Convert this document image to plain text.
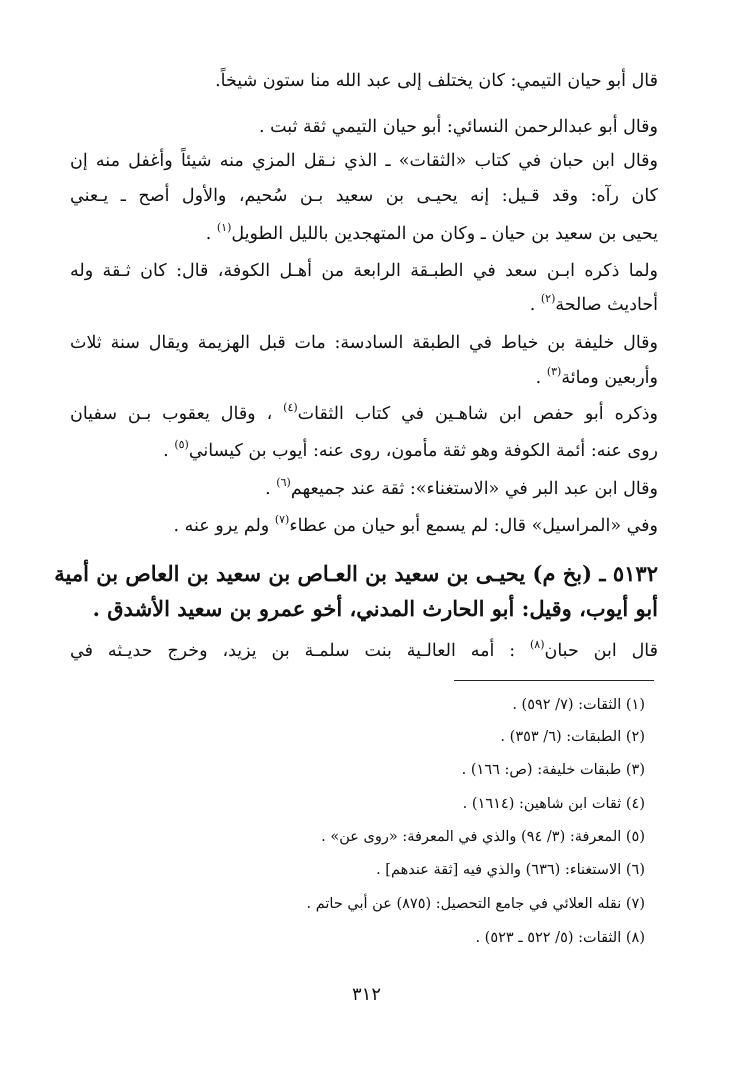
قال أبو حيان التيمي: كان يختلف إلى عبد الله منا ستون شيخاً.
وقال أبو عبدالرحمن النسائي: أبو حيان التيمي ثقة ثبت .
وقال ابن حبان في كتاب «الثقات» ـ الذي نـقل المزي منه شيئاً وأغفل منه إن
كان رآه: وقد قـيل: إنه يحيـى بن سعيد بـن سُحيم، والأول أصح ـ يـعني
يحيى بن سعيد بن حيان ـ وكان من المتهجدين بالليل الطويل$^{(١)}$ .
ولما ذكره ابـن سعد في الطبـقة الرابعة من أهـل الكوفة، قال: كان ثـقة وله
أحاديث صالحة$^{(٢)}$ .
وقال خليفة بن خياط في الطبقة السادسة: مات قبل الهزيمة ويقال سنة ثلاث
وأربعين ومائة$^{(٣)}$ .
وذكره أبو حفص ابن شاهـين في كتاب الثقات$^{(٤)}$ ، وقال يعقوب بـن سفيان
روى عنه: أئمة الكوفة وهو ثقة مأمون، روى عنه: أيوب بن كيساني$^{(٥)}$ .
وقال ابن عبد البر في «الاستغناء»: ثقة عند جميعهم$^{(٦)}$ .
وفي «المراسيل» قال: لم يسمع أبو حيان من عطاء$^{(٧)}$ ولم يرو عنه .
٥١٣٢ ـ (بخ م) يحيـى بن سعيد بن العـاص بن سعيد بن العاص بن أمية
أبو أيوب، وقيل: أبو الحارث المدني، أخو عمرو بن سعيد الأشدق .
قال ابن حبان$^{(٨)}$ : أمه العالـية بنت سلمـة بن يزيد، وخرج حديـثه في
(١) الثقات: (٧/ ٥٩٢) .
(٢) الطبقات: (٦/ ٣٥٣) .
(٣) طبقات خليفة: (ص: ١٦٦) .
(٤) ثقات ابن شاهين: (١٦١٤) .
(٥) المعرفة: (٣/ ٩٤) والذي في المعرفة: «روى عن» .
(٦) الاستغناء: (٦٣٦) والذي فيه [ثقة عندهم] .
(٧) نقله العلائي في جامع التحصيل: (٨٧٥) عن أبي حاتم .
(٨) الثقات: (٥/ ٥٢٢ ـ ٥٢٣) .
٣١٢
